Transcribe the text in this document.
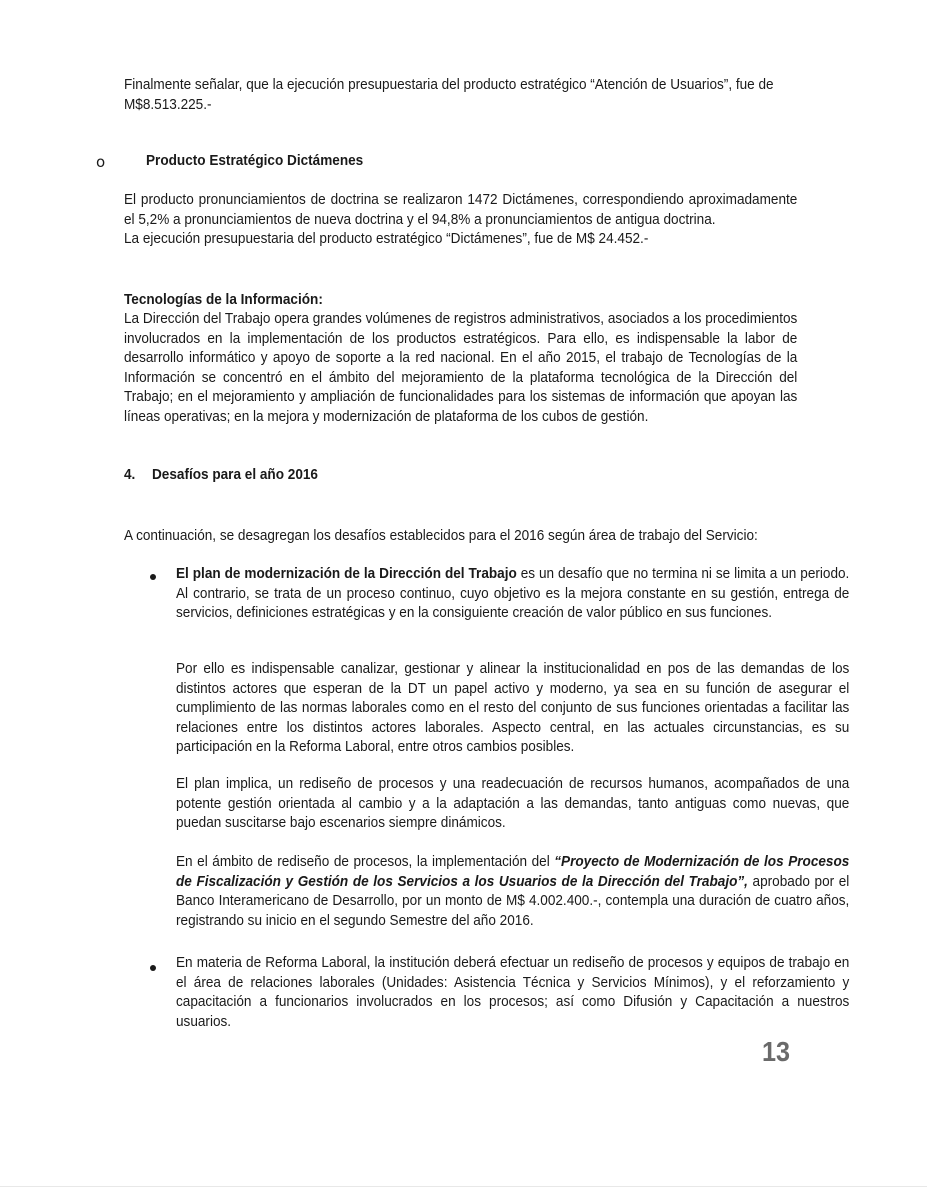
Finalmente señalar, que la ejecución presupuestaria del producto estratégico “Atención de Usuarios”, fue de M$8.513.225.-

o	Producto Estratégico Dictámenes

El producto pronunciamientos de doctrina se realizaron 1472 Dictámenes, correspondiendo aproximadamente el 5,2% a pronunciamientos de nueva doctrina y el 94,8% a pronunciamientos de antigua doctrina.

La ejecución presupuestaria del producto estratégico “Dictámenes”, fue de M$ 24.452.-

Tecnologías de la Información:

La Dirección del Trabajo opera grandes volúmenes de registros administrativos, asociados a los procedimientos involucrados en la implementación de los productos estratégicos. Para ello, es indispensable la labor de desarrollo informático y apoyo de soporte a la red nacional. En el año 2015, el trabajo de Tecnologías de la Información se concentró en el ámbito del mejoramiento de la plataforma tecnológica de la Dirección del Trabajo; en el mejoramiento y ampliación de funcionalidades para los sistemas de información que apoyan las líneas operativas; en la mejora y modernización de plataforma de los cubos de gestión.

4. Desafíos para el año 2016

A continuación, se desagregan los desafíos establecidos para el 2016 según área de trabajo del Servicio:

El plan de modernización de la Dirección del Trabajo es un desafío que no termina ni se limita a un periodo. Al contrario, se trata de un proceso continuo, cuyo objetivo es la mejora constante en su gestión, entrega de servicios, definiciones estratégicas y en la consiguiente creación de valor público en sus funciones.

Por ello es indispensable canalizar, gestionar y alinear la institucionalidad en pos de las demandas de los distintos actores que esperan de la DT un papel activo y moderno, ya sea en su función de asegurar el cumplimiento de las normas laborales como en el resto del conjunto de sus funciones orientadas a facilitar las relaciones entre los distintos actores laborales. Aspecto central, en las actuales circunstancias, es su participación en la Reforma Laboral, entre otros cambios posibles.

El plan implica, un rediseño de procesos y una readecuación de recursos humanos, acompañados de una potente gestión orientada al cambio y a la adaptación a las demandas, tanto antiguas como nuevas, que puedan suscitarse bajo escenarios siempre dinámicos.

En el ámbito de rediseño de procesos, la implementación del “Proyecto de Modernización de los Procesos de Fiscalización y Gestión de los Servicios a los Usuarios de la Dirección del Trabajo”, aprobado por el Banco Interamericano de Desarrollo, por un monto de M$ 4.002.400.-, contempla una duración de cuatro años, registrando su inicio en el segundo Semestre del año 2016.

En materia de Reforma Laboral, la institución deberá efectuar un rediseño de procesos y equipos de trabajo en el área de relaciones laborales (Unidades: Asistencia Técnica y Servicios Mínimos), y el reforzamiento y capacitación a funcionarios involucrados en los procesos; así como Difusión y Capacitación a nuestros usuarios.

13
